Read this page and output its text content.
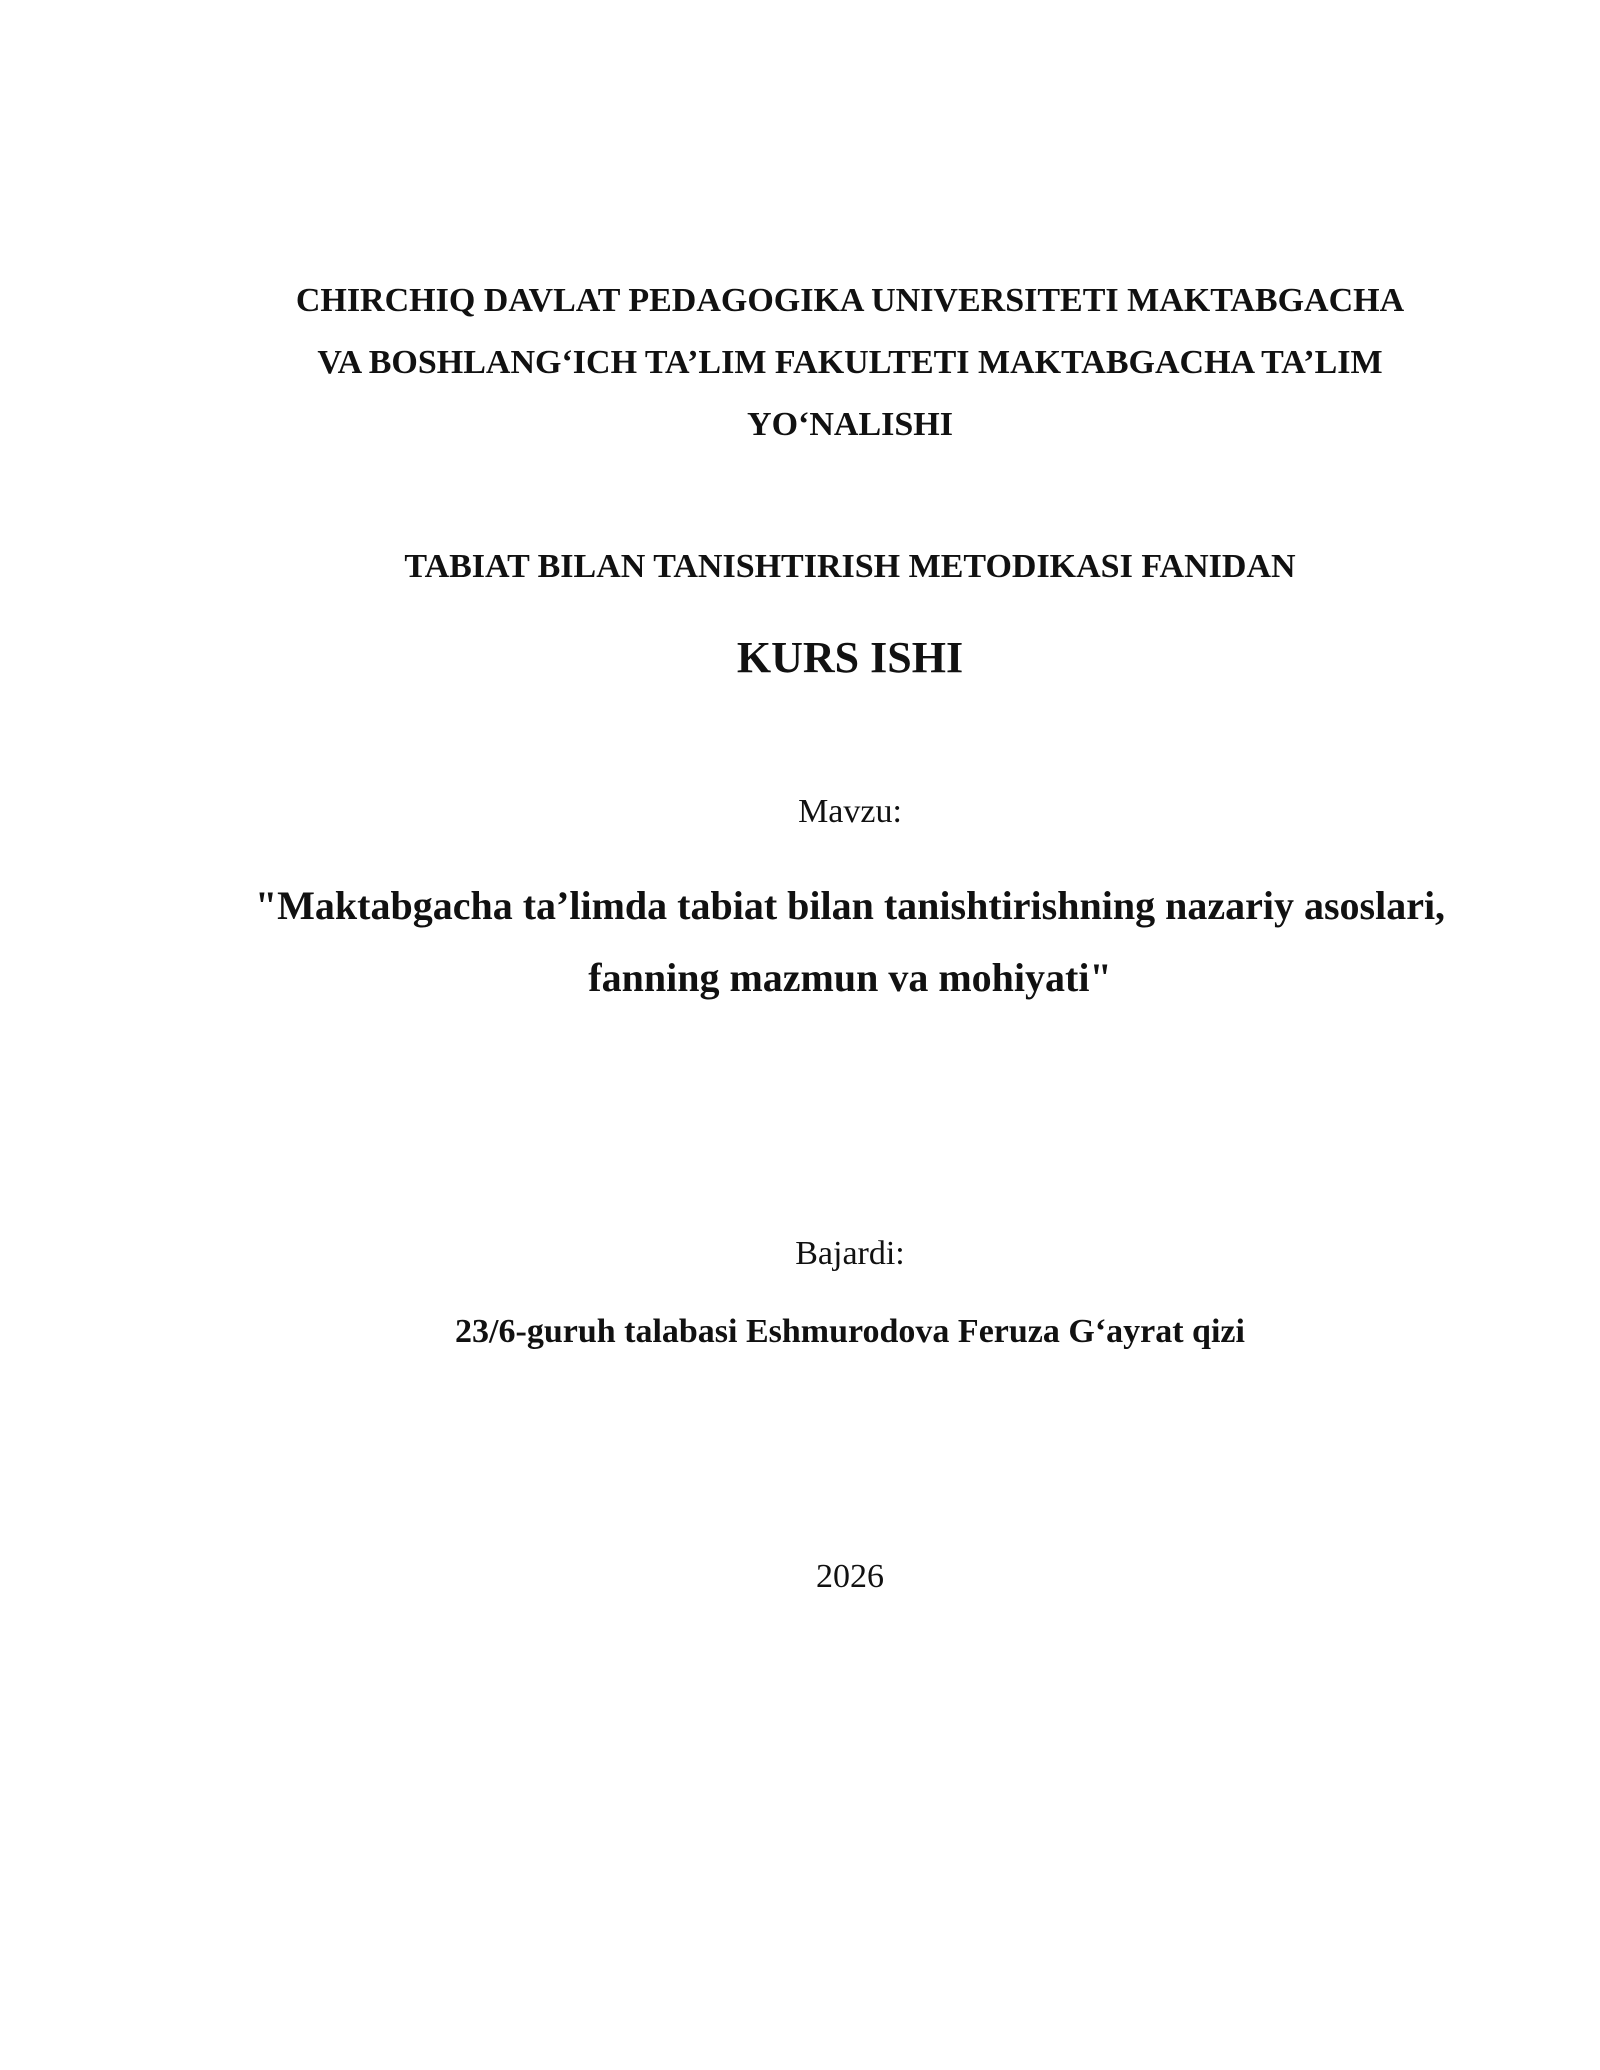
CHIRCHIQ DAVLAT PEDAGOGIKA UNIVERSITETI MAKTABGACHA
VA BOSHLANG‘ICH TA’LIM FAKULTETI MAKTABGACHA TA’LIM
YO‘NALISHI
TABIAT BILAN TANISHTIRISH METODIKASI FANIDAN
KURS ISHI
Mavzu:
"Maktabgacha ta’limda tabiat bilan tanishtirishning nazariy asoslari,
fanning mazmun va mohiyati"
Bajardi:
23/6-guruh talabasi Eshmurodova Feruza G‘ayrat qizi
2026
